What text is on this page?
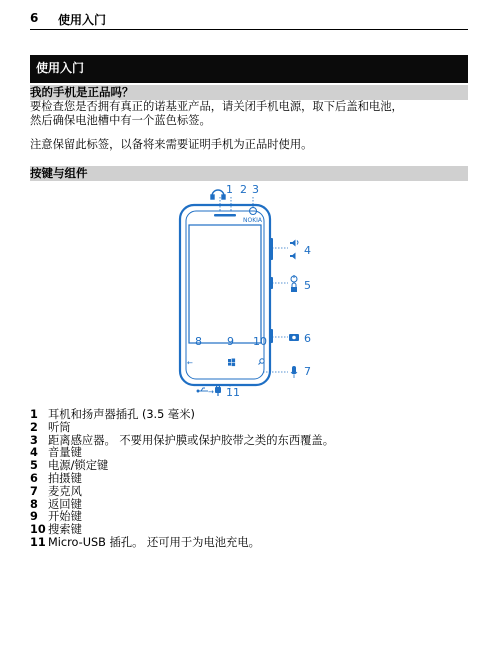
6 使用入门
使用入门
我的手机是正品吗？

要检查您是否拥有真正的诺基亚产品，请关闭手机电源，取下后盖和电池，
然后确保电池槽中有一个蓝色标签。

注意保留此标签，以备将来需要证明手机为正品时使用。

按键与组件
NOKIA
→
←
1 2 3
4
5
6
7
8 9 10
11
1 耳机和扬声器插孔 (3.5 毫米)
2 听筒
3 距离感应器。 不要用保护膜或保护胶带之类的东西覆盖。
4 音量键
5 电源/锁定键
6 拍摄键
7 麦克风
8 返回键
9 开始键
10 搜索键
11 Micro-USB 插孔。 还可用于为电池充电。
